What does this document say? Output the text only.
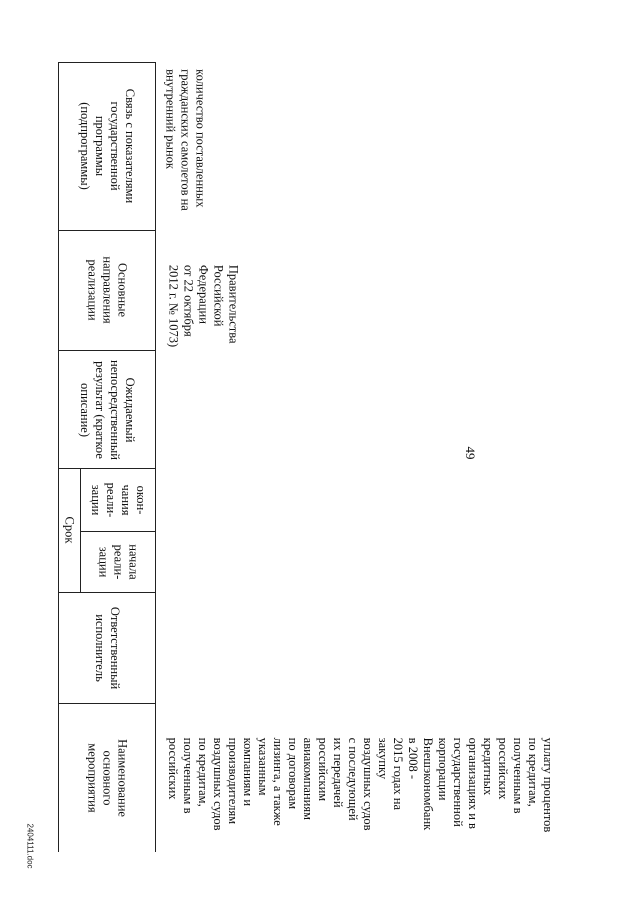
49
Связь с показателями
государственной
программы
(подпрограммы)
Основные
направления
реализации
Ожидаемый
непосредственный
результат (краткое
описание)
Срок
окон-
чания
реали-
зации
начала
реали-
зации
Ответственный
исполнитель
Наименование
основного
мероприятия
количество поставленных
гражданских самолетов на
внутренний рынок
Правительства
Российской
Федерации
от 22 октября
2012 г. № 1073)
уплату процентов
по кредитам,
полученным в
российских
кредитных
организациях и в
государственной
корпорации
Внешэкономбанк
в 2008 -
2015 годах на
закупку
воздушных судов
с последующей
их передачей
российским
авиакомпаниям
по договорам
лизинга, а также
указанным
компаниям и
производителям
воздушных судов
по кредитам,
полученным в
российских
2404111.doc
